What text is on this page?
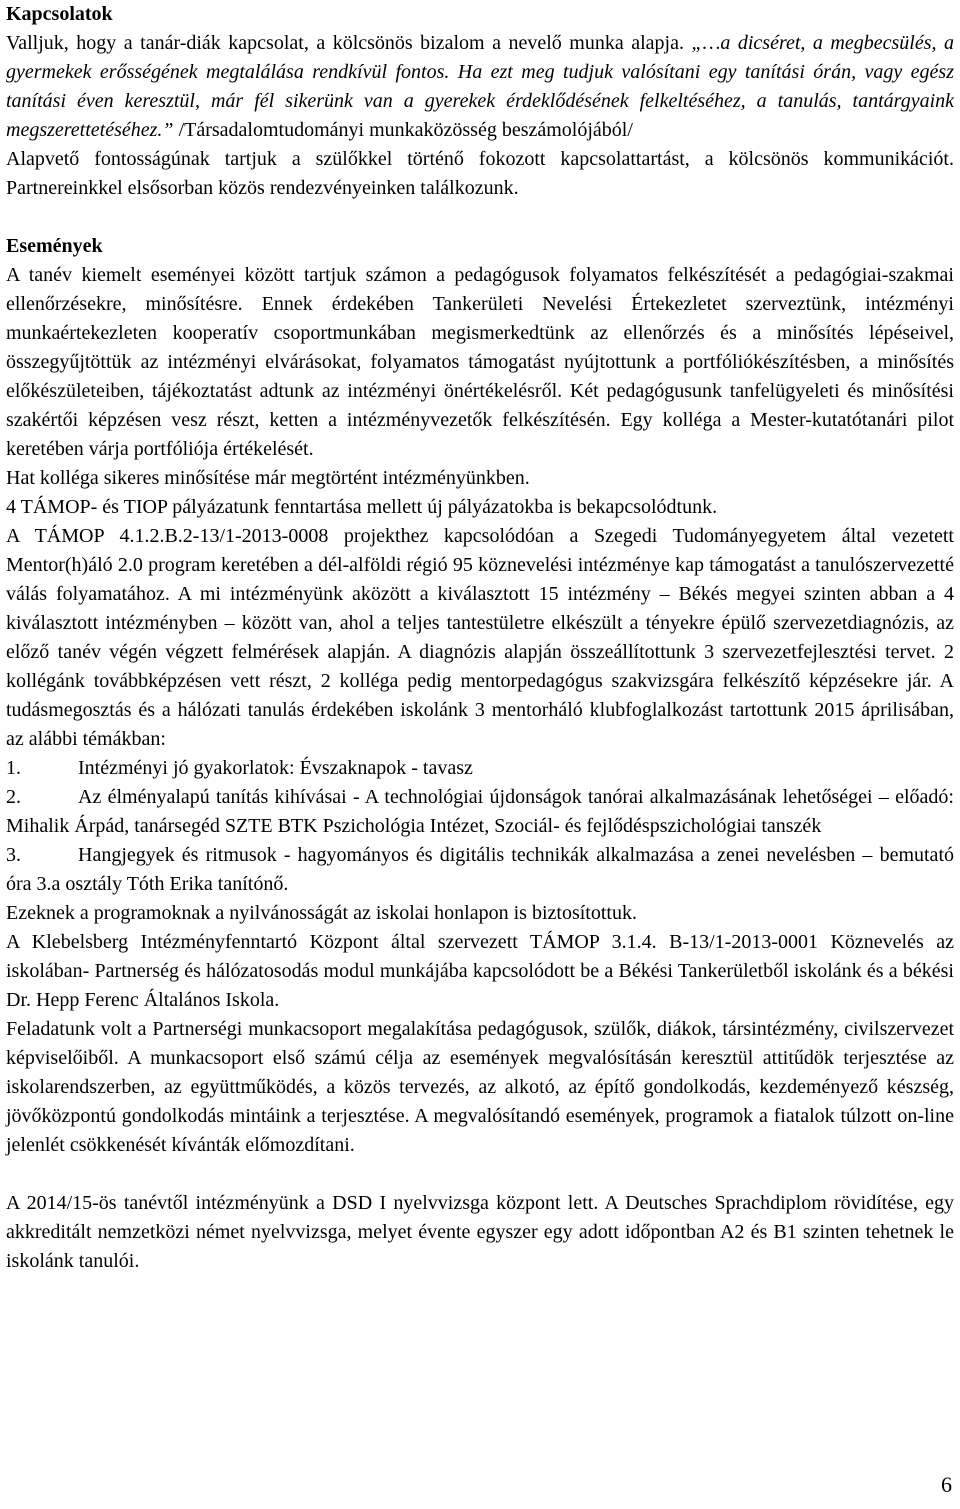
Kapcsolatok
Valljuk, hogy a tanár-diák kapcsolat, a kölcsönös bizalom a nevelő munka alapja. „…a dicséret, a megbecsülés, a gyermekek erősségének megtalálása rendkívül fontos. Ha ezt meg tudjuk valósítani egy tanítási órán, vagy egész tanítási éven keresztül, már fél sikerünk van a gyerekek érdeklődésének felkeltéséhez, a tanulás, tantárgyaink megszerettetéséhez.” /Társadalomtudományi munkaközösség beszámolójából/
Alapvető fontosságúnak tartjuk a szülőkkel történő fokozott kapcsolattartást, a kölcsönös kommunikációt. Partnereinkkel elsősorban közös rendezvényeinken találkozunk.
Események
A tanév kiemelt eseményei között tartjuk számon a pedagógusok folyamatos felkészítését a pedagógiai-szakmai ellenőrzésekre, minősítésre. Ennek érdekében Tankerületi Nevelési Értekezletet szerveztünk, intézményi munkaértekezleten kooperatív csoportmunkában megismerkedtünk az ellenőrzés és a minősítés lépéseivel, összegyűjtöttük az intézményi elvárásokat, folyamatos támogatást nyújtottunk a portfóliókészítésben, a minősítés előkészületeiben, tájékoztatást adtunk az intézményi önértékelésről. Két pedagógusunk tanfelügyeleti és minősítési szakértői képzésen vesz részt, ketten a intézményvezetők felkészítésén. Egy kolléga a Mester-kutatótanári pilot keretében várja portfóliója értékelését.
Hat kolléga sikeres minősítése már megtörtént intézményünkben.
4 TÁMOP- és TIOP pályázatunk fenntartása mellett új pályázatokba is bekapcsolódtunk.
A TÁMOP 4.1.2.B.2-13/1-2013-0008 projekthez kapcsolódóan a Szegedi Tudományegyetem által vezetett Mentor(h)áló 2.0 program keretében a dél-alföldi régió 95 köznevelési intézménye kap támogatást a tanulószervezetté válás folyamatához. A mi intézményünk aközött a kiválasztott 15 intézmény – Békés megyei szinten abban a 4 kiválasztott intézményben – között van, ahol a teljes tantestületre elkészült a tényekre épülő szervezetdiagnózis, az előző tanév végén végzett felmérések alapján. A diagnózis alapján összeállítottunk 3 szervezetfejlesztési tervet. 2 kollégánk továbbképzésen vett részt, 2 kolléga pedig mentorpedagógus szakvizsgára felkészítő képzésekre jár. A tudásmegosztás és a hálózati tanulás érdekében iskolánk 3 mentorháló klubfoglalkozást tartottunk 2015 áprilisában, az alábbi témákban:
1.	Intézményi jó gyakorlatok: Évszaknapok - tavasz
2.	Az élményalapú tanítás kihívásai - A technológiai újdonságok tanórai alkalmazásának lehetőségei – előadó: Mihalik Árpád, tanársegéd SZTE BTK Pszichológia Intézet, Szociál- és fejlődéspszichológiai tanszék
3.	Hangjegyek és ritmusok - hagyományos és digitális technikák alkalmazása a zenei nevelésben – bemutató óra 3.a osztály Tóth Erika tanítónő.
Ezeknek a programoknak a nyilvánosságát az iskolai honlapon is biztosítottuk.
A Klebelsberg Intézményfenntartó Központ által szervezett TÁMOP 3.1.4. B-13/1-2013-0001 Köznevelés az iskolában- Partnerség és hálózatosodás modul munkájába kapcsolódott be a Békési Tankerületből iskolánk és a békési Dr. Hepp Ferenc Általános Iskola.
Feladatunk volt a Partnerségi munkacsoport megalakítása pedagógusok, szülők, diákok, társintézmény, civilszervezet képviselőiből. A munkacsoport első számú célja az események megvalósításán keresztül attitűdök terjesztése az iskolarendszerben, az együttműködés, a közös tervezés, az alkotó, az építő gondolkodás, kezdeményező készség, jövőközpontú gondolkodás mintáink a terjesztése. A megvalósítandó események, programok a fiatalok túlzott on-line jelenlét csökkenését kívánták előmozdítani.
A 2014/15-ös tanévtől intézményünk a DSD I nyelvvizsga központ lett. A Deutsches Sprachdiplom rövidítése, egy akkreditált nemzetközi német nyelvvizsga, melyet évente egyszer egy adott időpontban A2 és B1 szinten tehetnek le iskolánk tanulói.
6
